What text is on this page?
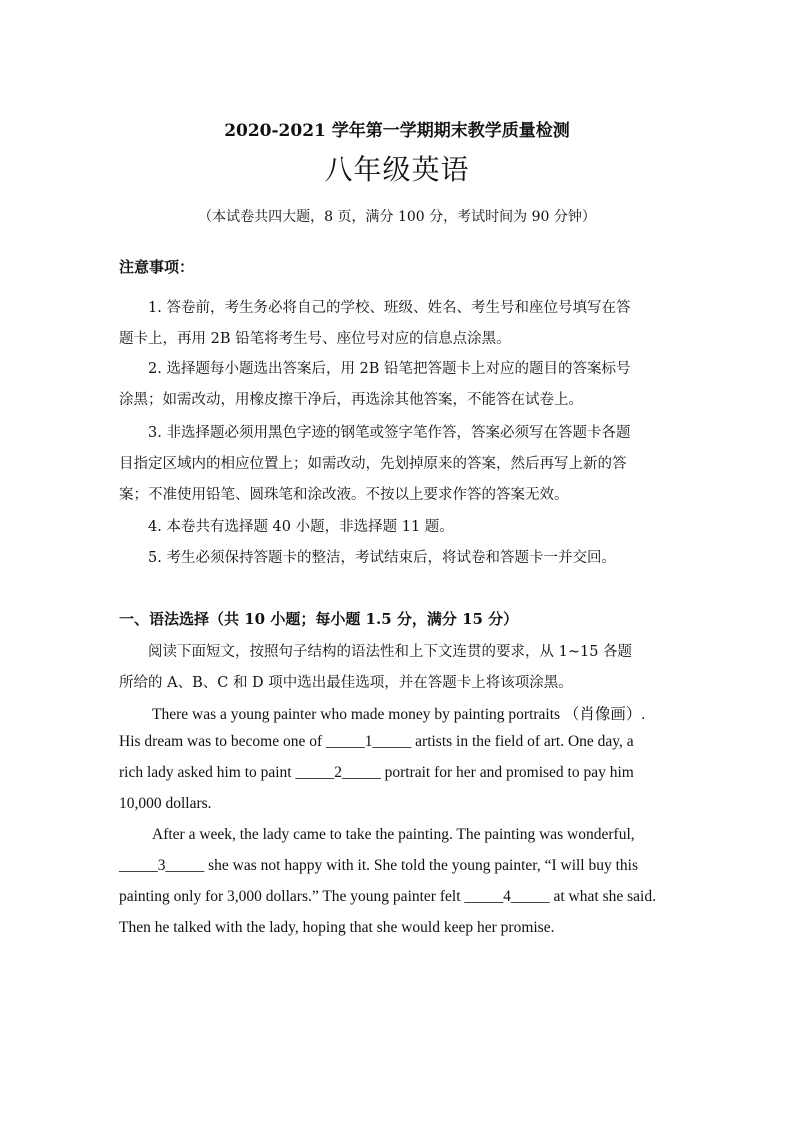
2020-2021 学年第一学期期末教学质量检测
八年级英语
（本试卷共四大题，8 页，满分 100 分，考试时间为 90 分钟）
注意事项：
1. 答卷前，考生务必将自己的学校、班级、姓名、考生号和座位号填写在答
题卡上，再用 2B 铅笔将考生号、座位号对应的信息点涂黑。
2. 选择题每小题选出答案后，用 2B 铅笔把答题卡上对应的题目的答案标号
涂黑；如需改动，用橡皮擦干净后，再选涂其他答案，不能答在试卷上。
3. 非选择题必须用黑色字迹的钢笔或签字笔作答，答案必须写在答题卡各题
目指定区域内的相应位置上；如需改动，先划掉原来的答案，然后再写上新的答
案；不准使用铅笔、圆珠笔和涂改液。不按以上要求作答的答案无效。
4. 本卷共有选择题 40 小题，非选择题 11 题。
5. 考生必须保持答题卡的整洁，考试结束后，将试卷和答题卡一并交回。
一、语法选择（共 10 小题；每小题 1.5 分，满分 15 分）
阅读下面短文，按照句子结构的语法性和上下文连贯的要求，从 1~15 各题
所给的 A、B、C 和 D 项中选出最佳选项，并在答题卡上将该项涂黑。
There was a young painter who made money by painting portraits （肖像画）.
His dream was to become one of _____1_____ artists in the field of art. One day, a
rich lady asked him to paint _____2_____ portrait for her and promised to pay him
10,000 dollars.
After a week, the lady came to take the painting. The painting was wonderful,
_____3_____ she was not happy with it. She told the young painter, “I will buy this
painting only for 3,000 dollars.” The young painter felt _____4_____ at what she said.
Then he talked with the lady, hoping that she would keep her promise.
